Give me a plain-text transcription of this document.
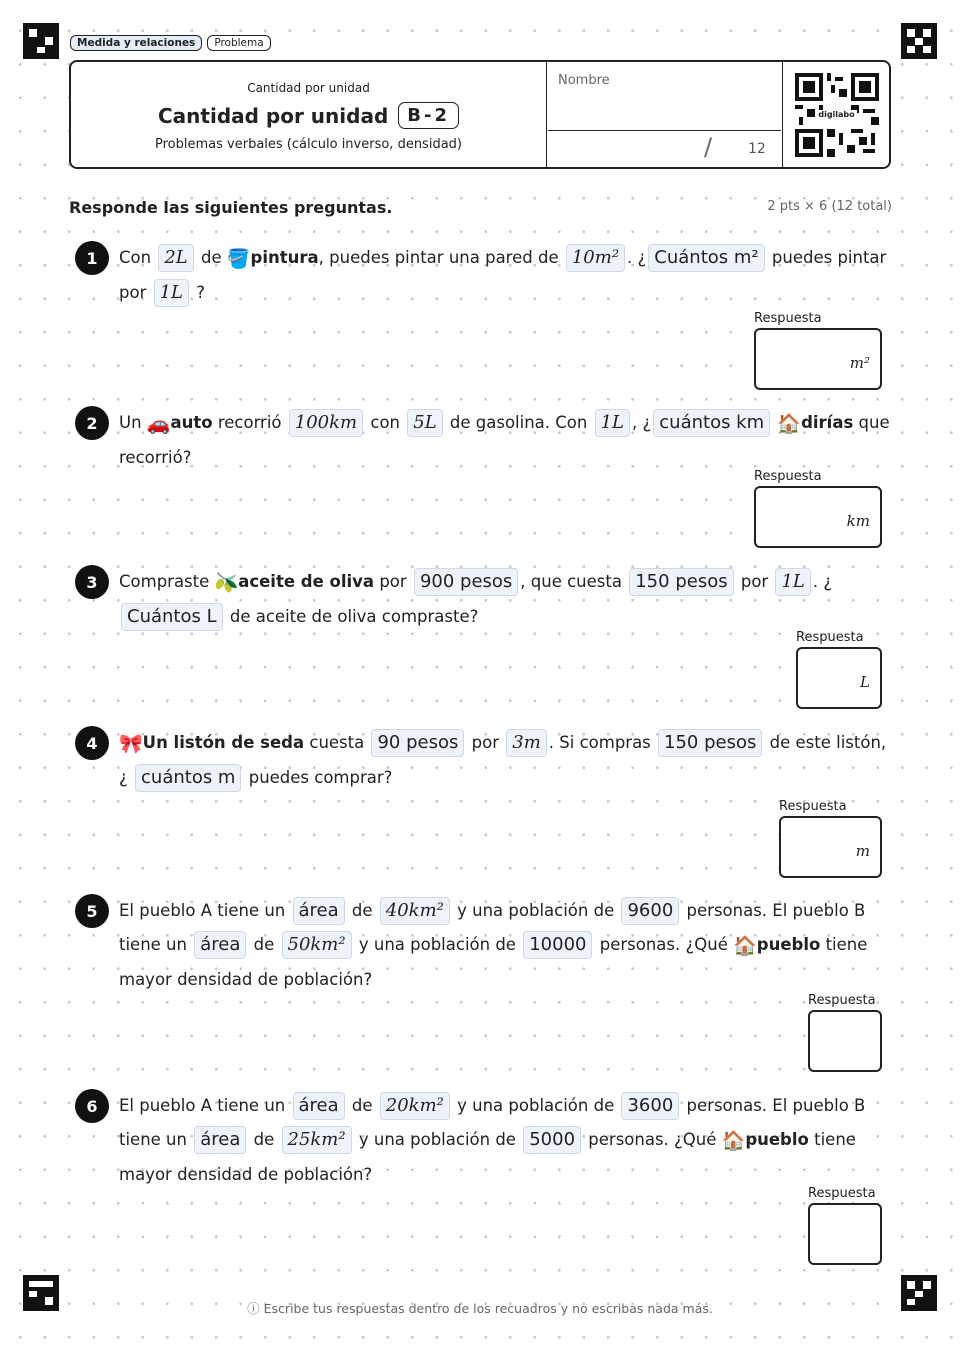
Medida y relaciones	Problema
Cantidad por unidad
Cantidad por unidad	B-2
Problemas verbales (cálculo inverso, densidad)
Nombre
/	12
digilabo
Responde las siguientes preguntas.	2 pts × 6 (12 total)
1	Con 2L de 🪣pintura, puedes pintar una pared de 10m² . ¿ Cuántos m² puedes pintar por 1L ?
Respuesta
m²
2	Un 🚗auto recorrió 100km con 5L de gasolina. Con 1L , ¿ cuántos km 🏠dirías que recorrió?
Respuesta
km
3	Compraste 🫒aceite de oliva por 900 pesos , que cuesta 150 pesos por 1L . ¿Cuántos L de aceite de oliva compraste?
Respuesta
L
4	🎀Un listón de seda cuesta 90 pesos por 3m . Si compras 150 pesos de este listón, ¿ cuántos m puedes comprar?
Respuesta
m
5	El pueblo A tiene un área de 40km² y una población de 9600 personas. El pueblo B tiene un área de 50km² y una población de 10000 personas. ¿Qué 🏠pueblo tiene mayor densidad de población?
Respuesta
6	El pueblo A tiene un área de 20km² y una población de 3600 personas. El pueblo B tiene un área de 25km² y una población de 5000 personas. ¿Qué 🏠pueblo tiene mayor densidad de población?
Respuesta
ⓘ Escribe tus respuestas dentro de los recuadros y no escribas nada más.
